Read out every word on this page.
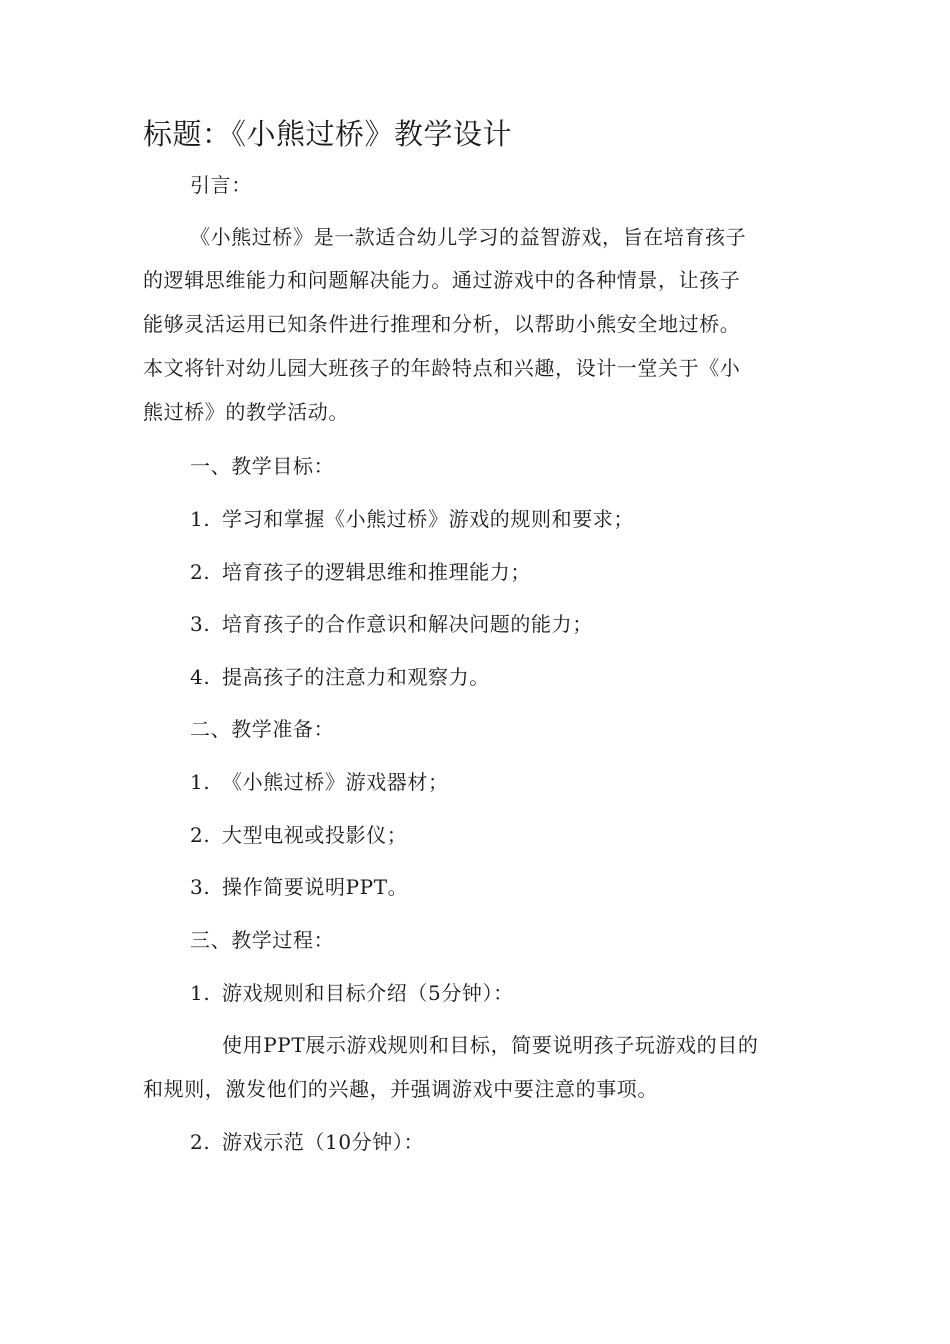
标题：《小熊过桥》教学设计
引言：
《小熊过桥》是一款适合幼儿学习的益智游戏，旨在培育孩子
的逻辑思维能力和问题解决能力。通过游戏中的各种情景，让孩子
能够灵活运用已知条件进行推理和分析，以帮助小熊安全地过桥。
本文将针对幼儿园大班孩子的年龄特点和兴趣，设计一堂关于《小
熊过桥》的教学活动。
一、教学目标：
1. 学习和掌握《小熊过桥》游戏的规则和要求；
2. 培育孩子的逻辑思维和推理能力；
3. 培育孩子的合作意识和解决问题的能力；
4. 提高孩子的注意力和观察力。
二、教学准备：
1. 《小熊过桥》游戏器材；
2. 大型电视或投影仪；
3. 操作简要说明PPT。
三、教学过程：
1. 游戏规则和目标介绍（5分钟）：
使用PPT展示游戏规则和目标，简要说明孩子玩游戏的目的
和规则，激发他们的兴趣，并强调游戏中要注意的事项。
2. 游戏示范（10分钟）：
